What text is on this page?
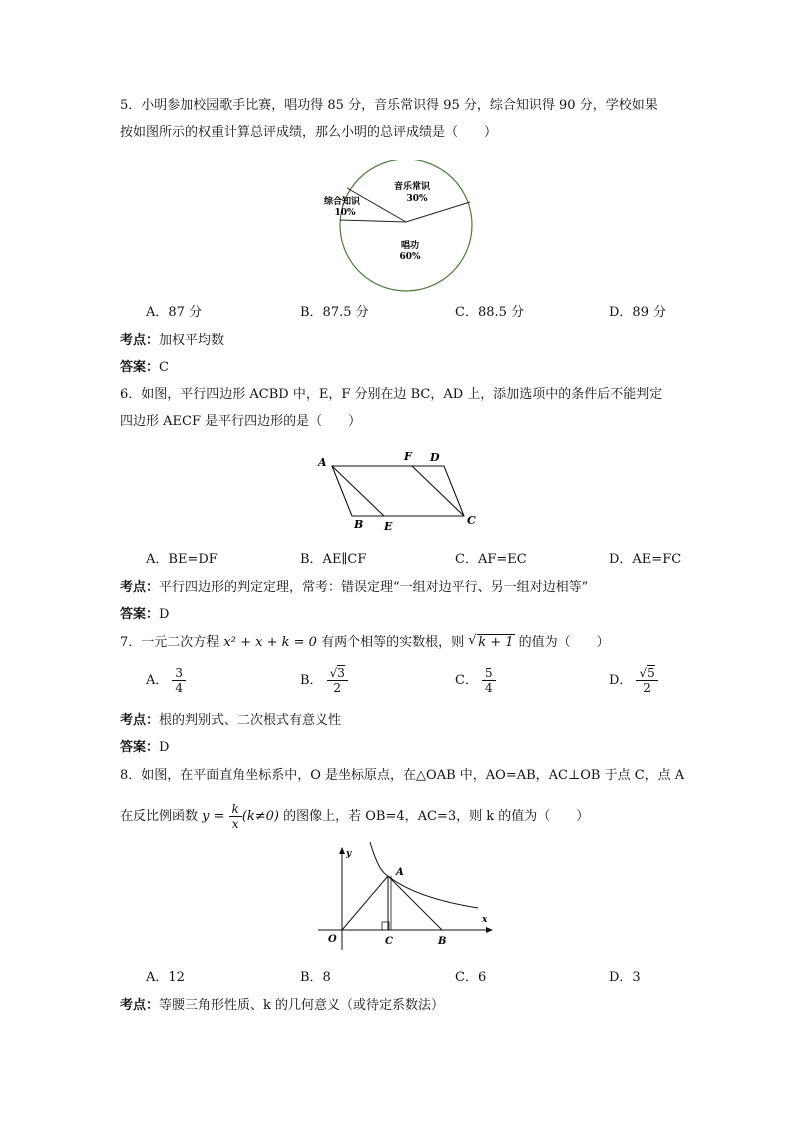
5．小明参加校园歌手比赛，唱功得 85 分，音乐常识得 95 分，综合知识得 90 分，学校如果
按如图所示的权重计算总评成绩，那么小明的总评成绩是（　　）
音乐常识
30%
综合知识
10%
唱功
60%
A．87 分	B．87.5 分	C．88.5 分	D．89 分
考点：加权平均数
答案：C
6．如图，平行四边形 ACBD 中，E，F 分别在边 BC，AD 上，添加选项中的条件后不能判定
四边形 AECF 是平行四边形的是（　　）
A	F D
B E	C
A．BE=DF	B．AE∥CF	C．AF=EC	D．AE=FC
考点：平行四边形的判定定理，常考：错误定理“一组对边平行、另一组对边相等”
答案：D
7．一元二次方程 x² + x + k = 0 有两个相等的实数根，则 √ k + 1 的值为（　　）
A． $\frac{3}{4}$	B． $\frac{√3}{2}$	C． $\frac{5}{4}$	D． $\frac{√5}{2}$
考点：根的判别式、二次根式有意义性
答案：D
8．如图，在平面直角坐标系中，O 是坐标原点，在△OAB 中，AO=AB，AC⊥OB 于点 C，点 A
在反比例函数 $y = \frac{k}{x} (k\ne 0)$ 的图像上，若 OB=4，AC=3，则 k 的值为（　　）
y
x
O
A
C	B
A．12	B．8	C．6	D．3
考点：等腰三角形性质、k 的几何意义（或待定系数法）
